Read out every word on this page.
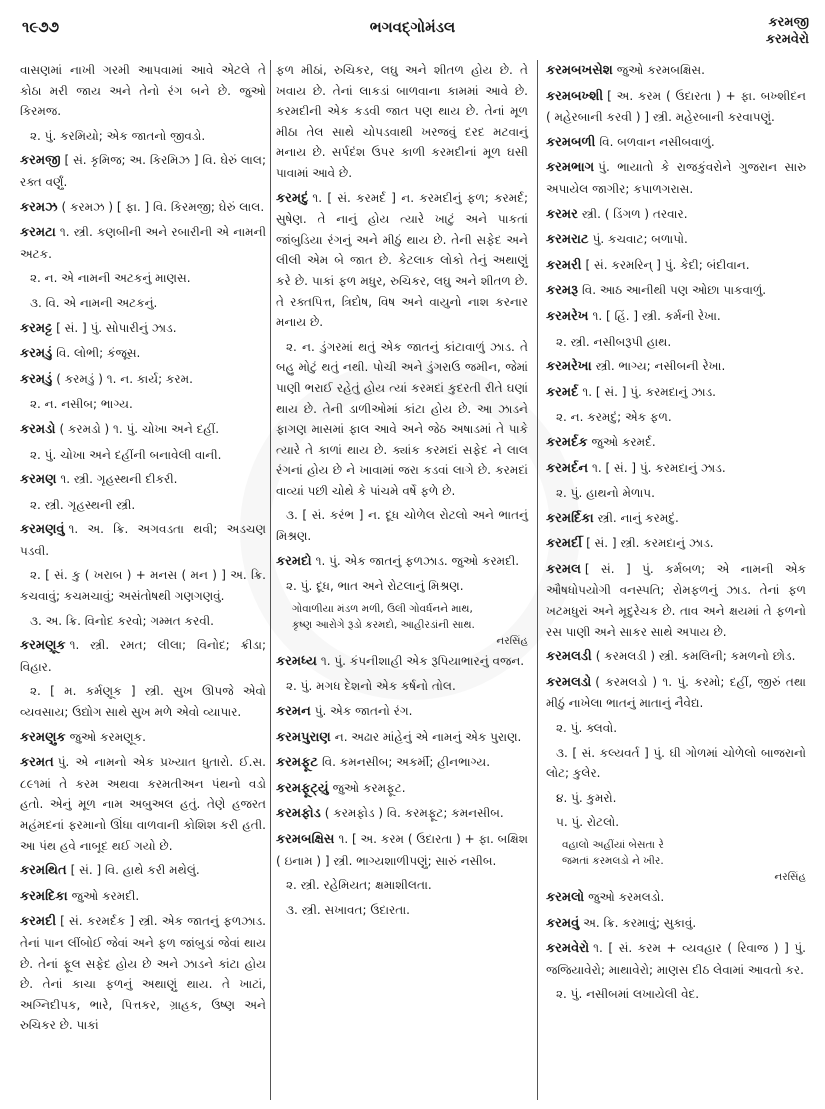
૧૯૭૭	ભગવદ્ગોમંડલ	કરમજી
કરમવેરો
વાસણમાં નાખી ગરમી આપવામાં આવે એટલે તે કોઠા મરી જાય અને તેનો રંગ બને છે. જુઓ કિરમજ.
૨. પું. કરમિયો; એક જાતનો જીવડો.
કરમજી [ સં. કૃમિજ; અ. કિરમિઝ ] વિ. ઘેરું લાલ; રક્ત વર્ણું.
કરમઝ ( કરમઝ ) [ ફા. ] વિ. કિરમજી; ઘેરું લાલ.
કરમટા ૧. સ્ત્રી. કણબીની અને રબારીની એ નામની અટક.
૨. ન. એ નામની અટકનું માણસ.
૩. વિ. એ નામની અટકનું.
કરમટ્ટ [ સં. ] પું. સોપારીનું ઝાડ.
કરમડું વિ. લોભી; કંજૂસ.
કરમડું ( કરમડું ) ૧. ન. કાર્ય; કરમ.
૨. ન. નસીબ; ભાગ્ય.
કરમડો ( કરમડો ) ૧. પું. ચોખા અને દહીં.
૨. પું. ચોખા અને દહીંની બનાવેલી વાની.
કરમણ ૧. સ્ત્રી. ગૃહસ્થની દીકરી.
૨. સ્ત્રી. ગૃહસ્થની સ્ત્રી.
કરમણવું ૧. અ. ક્રિ. અગવડતા થવી; અડચણ પડવી.
૨. [ સં. કુ ( ખરાબ ) + મનસ ( મન ) ] અ. ક્રિ. કચવાવું; કચમચાવું; અસંતોષથી ગણગણવું.
૩. અ. ક્રિ. વિનોદ કરવો; ગમ્મત કરવી.
કરમણૂક ૧. સ્ત્રી. રમત; લીલા; વિનોદ; ક્રીડા; વિહાર.
૨. [ મ. કર્મણૂક ] સ્ત્રી. સુખ ઊપજે એવો વ્યવસાય; ઉદ્યોગ સાથે સુખ મળે એવો વ્યાપાર.
કરમણુક જુઓ કરમણૂક.
કરમત પું. એ નામનો એક પ્રખ્યાત ધુતારો. ઈ.સ. ૮૯૧માં તે કરમ અથવા કરમતીઅન પંથનો વડો હતો. એનું મૂળ નામ અબુઅલ હતું. તેણે હજરત મહંમદનાં ફરમાનો ઊંધા વાળવાની કોશિશ કરી હતી. આ પંથ હવે નાબૂદ થઈ ગયો છે.
કરમથિત [ સં. ] વિ. હાથે કરી મથેલું.
કરમદિકા જુઓ કરમદી.
કરમદી [ સં. કરમર્દક ] સ્ત્રી. એક જાતનું ફળઝાડ. તેનાં પાન લીંબોઈ જેવાં અને ફળ જાંબુડાં જેવાં થાય છે. તેનાં ફૂલ સફેદ હોય છે અને ઝાડને કાંટા હોય છે. તેનાં કાચા ફળનું અથાણું થાય. તે ખાટાં, અગ્નિદીપક, ભારે, પિત્તકર, ગ્રાહક, ઉષ્ણ અને રુચિકર છે. પાકાં
ફળ મીઠાં, રુચિકર, લઘુ અને શીતળ હોય છે. તે ખવાય છે. તેનાં લાકડાં બાળવાના કામમાં આવે છે. કરમદીની એક કડવી જાત પણ થાય છે. તેનાં મૂળ મીઠા તેલ સાથે ચોપડવાથી ખરજવું દરદ મટવાનું મનાય છે. સર્પદંશ ઉપર કાળી કરમદીનાં મૂળ ઘસી પાવામાં આવે છે.
કરમદું ૧. [ સં. કરમર્દ ] ન. કરમદીનું ફળ; કરમર્દ; સુષેણ. તે નાનું હોય ત્યારે ખાટું અને પાકતાં જાંબુડિયા રંગનું અને મીઠું થાય છે. તેની સફેદ અને લીલી એમ બે જાત છે. કેટલાક લોકો તેનું અથાણું કરે છે. પાકાં ફળ મધુર, રુચિકર, લઘુ અને શીતળ છે. તે રક્તપિત્ત, ત્રિદોષ, વિષ અને વાયુનો નાશ કરનાર મનાય છે.
૨. ન. ડુંગરમાં થતું એક જાતનું કાંટાવાળું ઝાડ. તે બહુ મોટું થતું નથી. પોચી અને ડુંગરાઉ જમીન, જેમાં પાણી ભરાઈ રહેતું હોય ત્યાં કરમદાં કુદરતી રીતે ઘણાં થાય છે. તેની ડાળીઓમાં કાંટા હોય છે. આ ઝાડને ફાગણ માસમાં ફાલ આવે અને જેઠ અષાડમાં તે પાકે ત્યારે તે કાળાં થાય છે. ક્યાંક કરમદાં સફેદ ને લાલ રંગનાં હોય છે ને ખાવામાં જરા કડવાં લાગે છે. કરમદાં વાવ્યાં પછી ચોથે કે પાંચમે વર્ષે ફળે છે.
૩. [ સં. કરંભ ] ન. દૂધ ચોળેલ રોટલો અને ભાતનું મિશ્રણ.
કરમદો ૧. પું. એક જાતનું ફળઝાડ. જુઓ કરમદી.
૨. પું. દૂધ, ભાત અને રોટલાનું મિશ્રણ.
ગોવાળીયા મંડળ મળી, ઉલી ગોવર્ધનને માથ,
કૃષ્ણ આરોગે રૂડો કરમદો, આહીરડાંની સાથ.
નરસિંહ
કરમધ્ય ૧. પું. કંપનીશાહી એક રૂપિયાભારનું વજન.
૨. પું. મગધ દેશનો એક કર્ષનો તોલ.
કરમન પું. એક જાતનો રંગ.
કરમપુરાણ ન. અઢાર માંહેનું એ નામનું એક પુરાણ.
કરમફૂટ વિ. કમનસીબ; અકર્મી; હીનભાગ્ય.
કરમફૂટ્યું જુઓ કરમફૂટ.
કરમફોડ ( કરમફોડ ) વિ. કરમફૂટ; કમનસીબ.
કરમબક્ષિસ ૧. [ અ. કરમ ( ઉદારતા ) + ફા. બક્ષિશ ( ઇનામ ) ] સ્ત્રી. ભાગ્યશાળીપણું; સારું નસીબ.
૨. સ્ત્રી. રહેમિયત; ક્ષમાશીલતા.
૩. સ્ત્રી. સખાવત; ઉદારતા.
કરમબખસેશ જુઓ કરમબક્ષિસ.
કરમબખ્શી [ અ. કરમ ( ઉદારતા ) + ફા. બખ્શીદન ( મહેરબાની કરવી ) ] સ્ત્રી. મહેરબાની કરવાપણું.
કરમબળી વિ. બળવાન નસીબવાળું.
કરમભાગ પું. ભાયાતો કે રાજકુંવરોને ગુજરાન સારુ અપાયેલ જાગીર; કપાળગરાસ.
કરમર સ્ત્રી. ( ડિંગળ ) તરવાર.
કરમરાટ પું. કચવાટ; બળાપો.
કરમરી [ સં. કરમરિન્ ] પું. કેદી; બંદીવાન.
કરમરૂ વિ. આઠ આનીથી પણ ઓછા પાકવાળું.
કરમરેખ ૧. [ હિં. ] સ્ત્રી. કર્મની રેખા.
૨. સ્ત્રી. નસીબરૂપી હાથ.
કરમરેખા સ્ત્રી. ભાગ્ય; નસીબની રેખા.
કરમર્દ ૧. [ સં. ] પું. કરમદાનું ઝાડ.
૨. ન. કરમદું; એક ફળ.
કરમર્દક જુઓ કરમર્દ.
કરમર્દન ૧. [ સં. ] પું. કરમદાનું ઝાડ.
૨. પું. હાથનો મેળાપ.
કરમર્દિકા સ્ત્રી. નાનું કરમદું.
કરમર્દી [ સં. ] સ્ત્રી. કરમદાનું ઝાડ.
કરમલ [ સં. ] પું. કર્મબળ; એ નામની એક ઔષધોપયોગી વનસ્પતિ; રોમફળનું ઝાડ. તેનાં ફળ ખટમધુરાં અને મૃદુરેચક છે. તાવ અને ક્ષયમાં તે ફળનો રસ પાણી અને સાકર સાથે અપાય છે.
કરમલડી ( કરમલડી ) સ્ત્રી. કમલિની; કમળનો છોડ.
કરમલડો ( કરમલડો ) ૧. પું. કરમો; દહીં, જીરું તથા મીઠું નાખેલા ભાતનું માતાનું નૈવેદ્ય.
૨. પું. ક્લવો.
૩. [ સં. કલ્યવર્ત ] પું. ઘી ગોળમાં ચોળેલો બાજરાનો લોટ; કુલેર.
૪. પું. કુમરો.
૫. પું. રોટલો.
વહાલો અહીંયાં બેસતા રે
જમતાં કરમલડો ને ખીર.
નરસિંહ
કરમલો જુઓ કરમલડો.
કરમવું અ. ક્રિ. કરમાવું; સુકાવું.
કરમવેરો ૧. [ સં. કરમ + વ્યવહાર ( રિવાજ ) ] પું. જજિયાવેરો; માથાવેરો; માણસ દીઠ લેવામાં આવતો કર.
૨. પું. નસીબમાં લખાયેલી વેદ.
